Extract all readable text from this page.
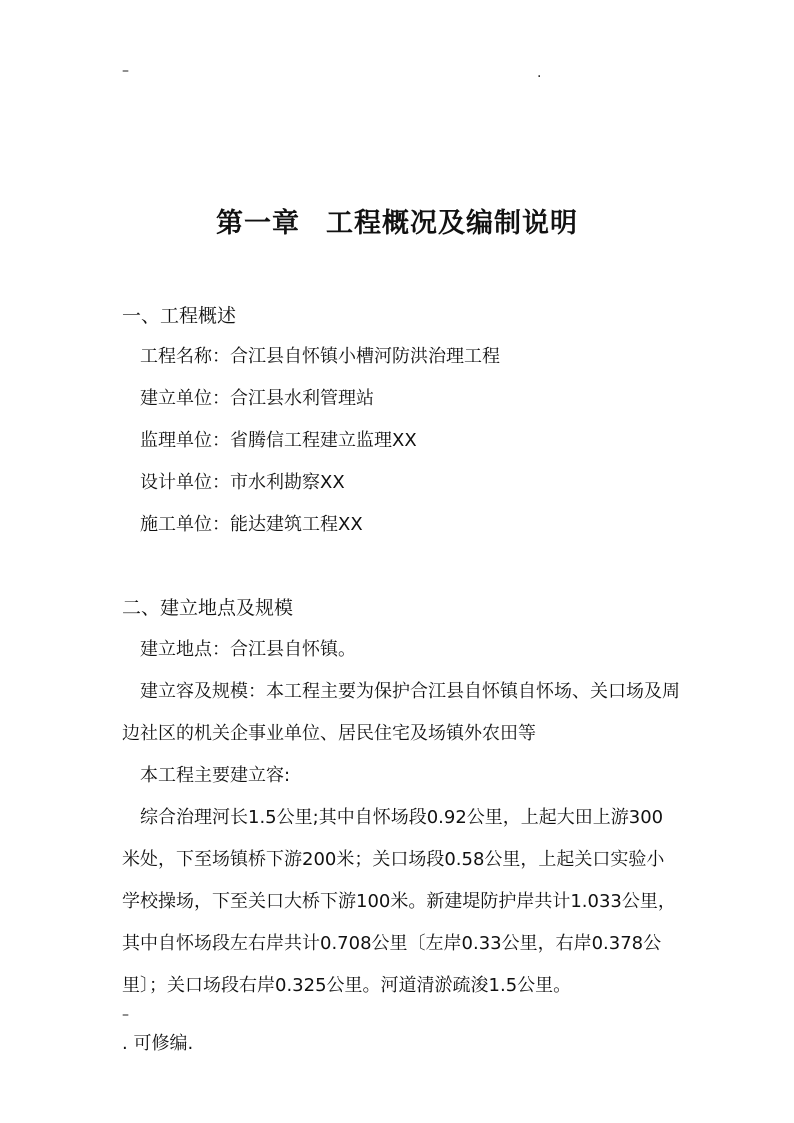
–	.
第一章 工程概况及编制说明
一、工程概述
工程名称：合江县自怀镇小槽河防洪治理工程
建立单位：合江县水利管理站
监理单位：省腾信工程建立监理XX
设计单位：市水利勘察XX
施工单位：能达建筑工程XX
二、建立地点及规模
建立地点：合江县自怀镇。
建立容及规模：本工程主要为保护合江县自怀镇自怀场、关口场及周
边社区的机关企事业单位、居民住宅及场镇外农田等
本工程主要建立容:
综合治理河长1.5公里;其中自怀场段0.92公里，上起大田上游300
米处，下至场镇桥下游200米；关口场段0.58公里，上起关口实验小
学校操场，下至关口大桥下游100米。新建堤防护岸共计1.033公里，
其中自怀场段左右岸共计0.708公里〔左岸0.33公里，右岸0.378公
里〕；关口场段右岸0.325公里。河道清淤疏浚1.5公里。
–
. 可修编.
